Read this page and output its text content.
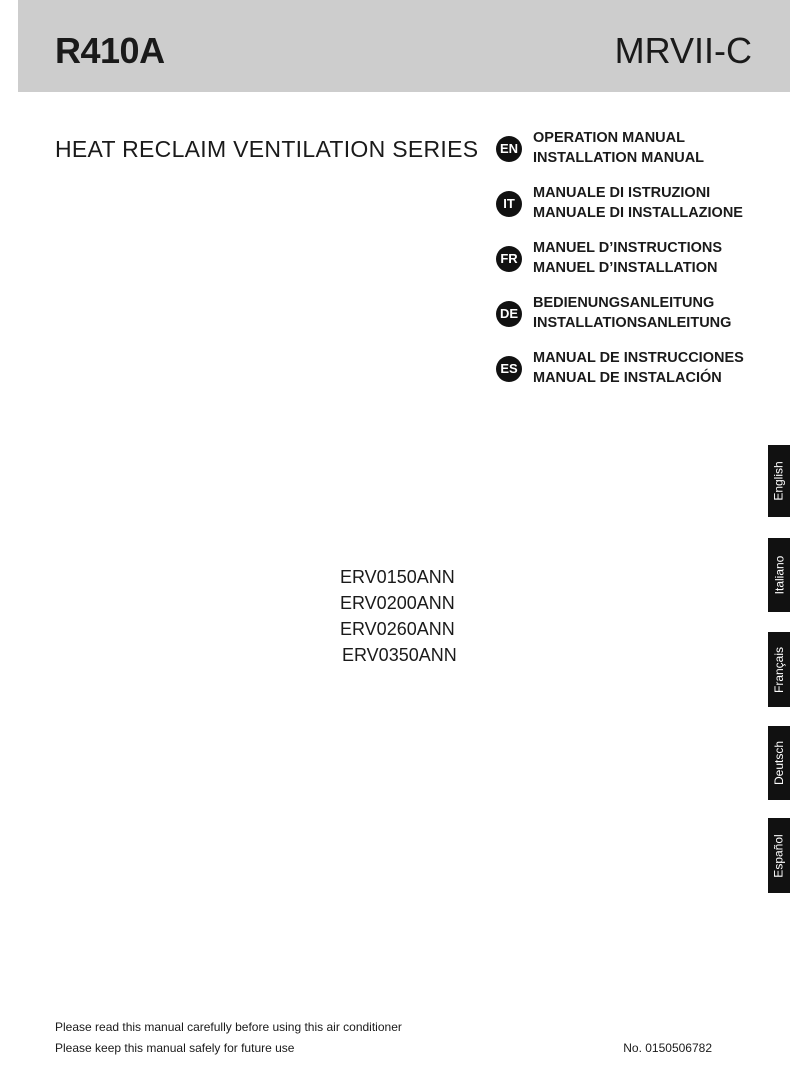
R410A	MRVII-C
HEAT RECLAIM VENTILATION SERIES	EN
OPERATION MANUAL
INSTALLATION MANUAL
IT
MANUALE DI ISTRUZIONI
MANUALE DI INSTALLAZIONE
FR
MANUEL D’INSTRUCTIONS
MANUEL D’INSTALLATION
DE
BEDIENUNGSANLEITUNG
INSTALLATIONSANLEITUNG
ES
MANUAL DE INSTRUCCIONES
MANUAL DE INSTALACIÓN
ERV0150ANN
ERV0200ANN
ERV0260ANN
ERV0350ANN
English
Italiano
Français
Deutsch
Español
Please read this manual carefully before using this air conditioner
Please keep this manual safely for future use	No. 0150506782
